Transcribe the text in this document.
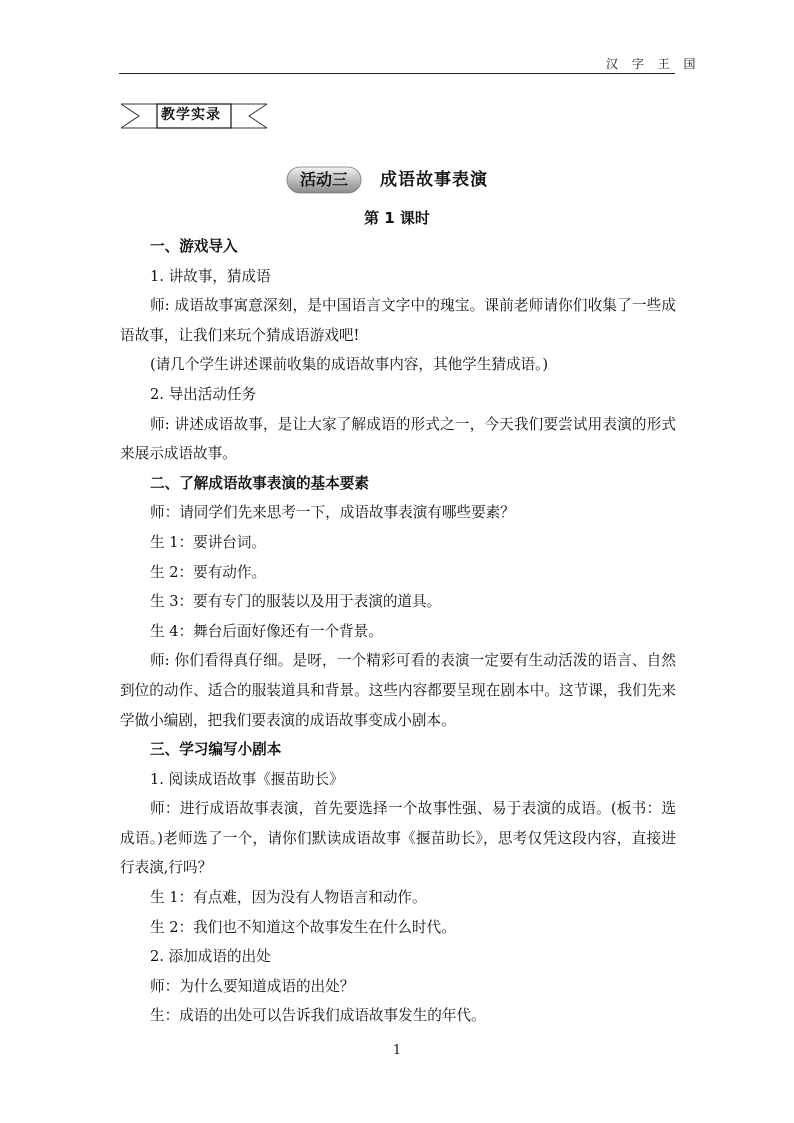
汉 字 王 国
教学实录
活动三	成语故事表演
第 1 课时

一、游戏导入

1. 讲故事，猜成语

师: 成语故事寓意深刻，是中国语言文字中的瑰宝。课前老师请你们收集了一些成语故事，让我们来玩个猜成语游戏吧!

(请几个学生讲述课前收集的成语故事内容，其他学生猜成语。)

2. 导出活动任务

师: 讲述成语故事，是让大家了解成语的形式之一，今天我们要尝试用表演的形式来展示成语故事。

二、了解成语故事表演的基本要素

师：请同学们先来思考一下，成语故事表演有哪些要素？

生 1：要讲台词。

生 2：要有动作。

生 3：要有专门的服装以及用于表演的道具。

生 4：舞台后面好像还有一个背景。

师: 你们看得真仔细。是呀，一个精彩可看的表演一定要有生动活泼的语言、自然到位的动作、适合的服装道具和背景。这些内容都要呈现在剧本中。这节课，我们先来学做小编剧，把我们要表演的成语故事变成小剧本。

三、学习编写小剧本

1. 阅读成语故事《揠苗助长》

师：进行成语故事表演，首先要选择一个故事性强、易于表演的成语。(板书：选成语。)老师选了一个，请你们默读成语故事《揠苗助长》，思考仅凭这段内容，直接进行表演,行吗？

生 1：有点难，因为没有人物语言和动作。

生 2：我们也不知道这个故事发生在什么时代。

2. 添加成语的出处

师：为什么要知道成语的出处？

生：成语的出处可以告诉我们成语故事发生的年代。

1
